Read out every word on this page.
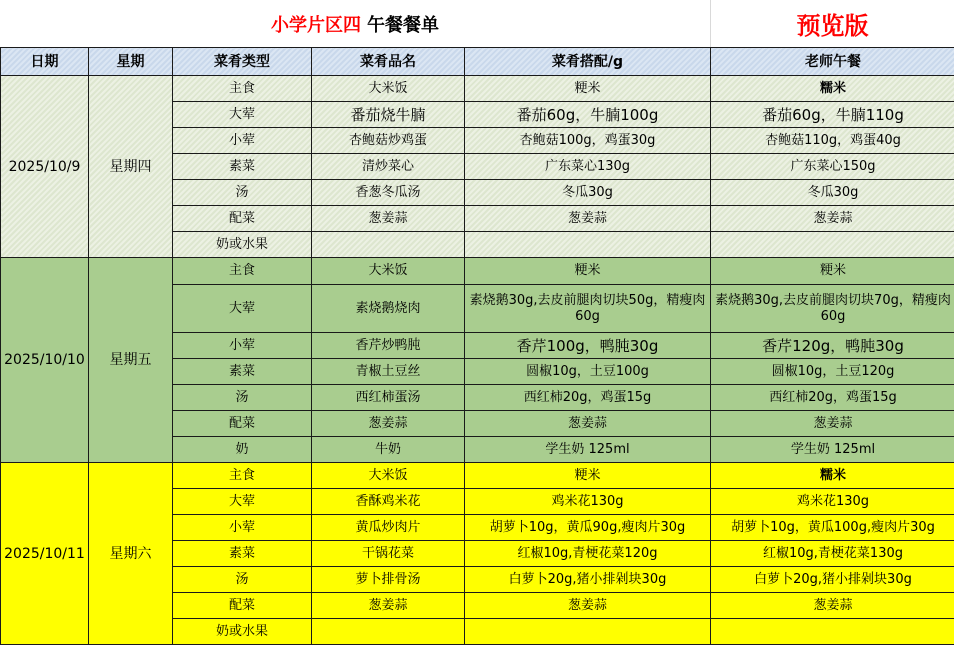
小学片区四 午餐餐单	预览版
日期	星期	菜肴类型	菜肴品名	菜肴搭配/g	老师午餐
2025/10/9	星期四	主食	大米饭	粳米	糯米
		大荤	番茄烧牛腩	番茄60g，牛腩100g	番茄60g，牛腩110g
		小荤	杏鲍菇炒鸡蛋	杏鲍菇100g，鸡蛋30g	杏鲍菇110g，鸡蛋40g
		素菜	清炒菜心	广东菜心130g	广东菜心150g
		汤	香葱冬瓜汤	冬瓜30g	冬瓜30g
		配菜	葱姜蒜	葱姜蒜	葱姜蒜
		奶或水果			
2025/10/10	星期五	主食	大米饭	粳米	粳米
		大荤	素烧鹅烧肉	素烧鹅30g,去皮前腿肉切块50g，精瘦肉60g	素烧鹅30g,去皮前腿肉切块70g，精瘦肉60g
		小荤	香芹炒鸭肫	香芹100g，鸭肫30g	香芹120g，鸭肫30g
		素菜	青椒土豆丝	圆椒10g，土豆100g	圆椒10g，土豆120g
		汤	西红柿蛋汤	西红柿20g，鸡蛋15g	西红柿20g，鸡蛋15g
		配菜	葱姜蒜	葱姜蒜	葱姜蒜
		奶	牛奶	学生奶 125ml	学生奶 125ml
2025/10/11	星期六	主食	大米饭	粳米	糯米
		大荤	香酥鸡米花	鸡米花130g	鸡米花130g
		小荤	黄瓜炒肉片	胡萝卜10g，黄瓜90g,瘦肉片30g	胡萝卜10g，黄瓜100g,瘦肉片30g
		素菜	干锅花菜	红椒10g,青梗花菜120g	红椒10g,青梗花菜130g
		汤	萝卜排骨汤	白萝卜20g,猪小排剁块30g	白萝卜20g,猪小排剁块30g
		配菜	葱姜蒜	葱姜蒜	葱姜蒜
		奶或水果			
